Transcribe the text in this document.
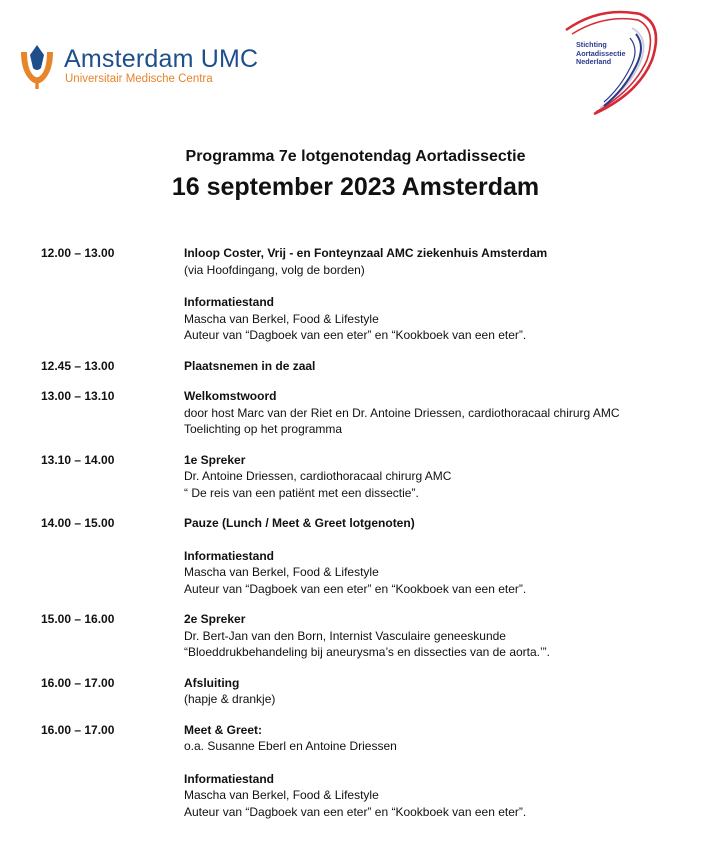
Amsterdam UMC
Universitair Medische Centra
Stichting
Aortadissectie
Nederland
Programma 7e lotgenotendag Aortadissectie
16 september 2023 Amsterdam
12.00 – 13.00	Inloop Coster, Vrij - en Fonteynzaal AMC ziekenhuis Amsterdam
(via Hoofdingang, volg de borden)
Informatiestand
Mascha van Berkel, Food & Lifestyle
Auteur van “Dagboek van een eter” en “Kookboek van een eter”.
12.45 – 13.00	Plaatsnemen in de zaal
13.00 – 13.10	Welkomstwoord
door host Marc van der Riet en Dr. Antoine Driessen, cardiothoracaal chirurg AMC
Toelichting op het programma
13.10 – 14.00	1e Spreker
Dr. Antoine Driessen, cardiothoracaal chirurg AMC
“ De reis van een patiënt met een dissectie”.
14.00 – 15.00	Pauze (Lunch / Meet & Greet lotgenoten)
Informatiestand
Mascha van Berkel, Food & Lifestyle
Auteur van “Dagboek van een eter” en “Kookboek van een eter”.
15.00 – 16.00	2e Spreker
Dr. Bert-Jan van den Born, Internist Vasculaire geneeskunde
“Bloeddrukbehandeling bij aneurysma’s en dissecties van de aorta.’”.
16.00 – 17.00	Afsluiting
(hapje & drankje)
16.00 – 17.00	Meet & Greet:
o.a. Susanne Eberl en Antoine Driessen
Informatiestand
Mascha van Berkel, Food & Lifestyle
Auteur van “Dagboek van een eter” en “Kookboek van een eter”.
